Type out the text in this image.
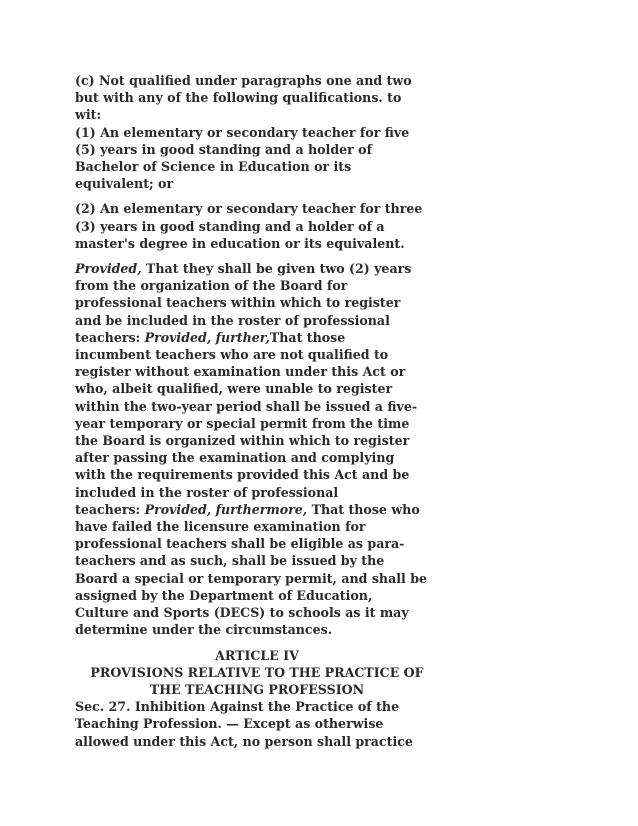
(c) Not qualified under paragraphs one and two

but with any of the following qualifications. to

wit:

(1) An elementary or secondary teacher for five

(5) years in good standing and a holder of

Bachelor of Science in Education or its

equivalent; or

(2) An elementary or secondary teacher for three

(3) years in good standing and a holder of a

master's degree in education or its equivalent.

Provided, That they shall be given two (2) years

from the organization of the Board for

professional teachers within which to register

and be included in the roster of professional

teachers: Provided, further,That those

incumbent teachers who are not qualified to

register without examination under this Act or

who, albeit qualified, were unable to register

within the two-year period shall be issued a five-

year temporary or special permit from the time

the Board is organized within which to register

after passing the examination and complying

with the requirements provided this Act and be

included in the roster of professional

teachers: Provided, furthermore, That those who

have failed the licensure examination for

professional teachers shall be eligible as para-

teachers and as such, shall be issued by the

Board a special or temporary permit, and shall be

assigned by the Department of Education,

Culture and Sports (DECS) to schools as it may

determine under the circumstances.

ARTICLE IV

PROVISIONS RELATIVE TO THE PRACTICE OF

THE TEACHING PROFESSION

Sec. 27. Inhibition Against the Practice of the

Teaching Profession. — Except as otherwise

allowed under this Act, no person shall practice
